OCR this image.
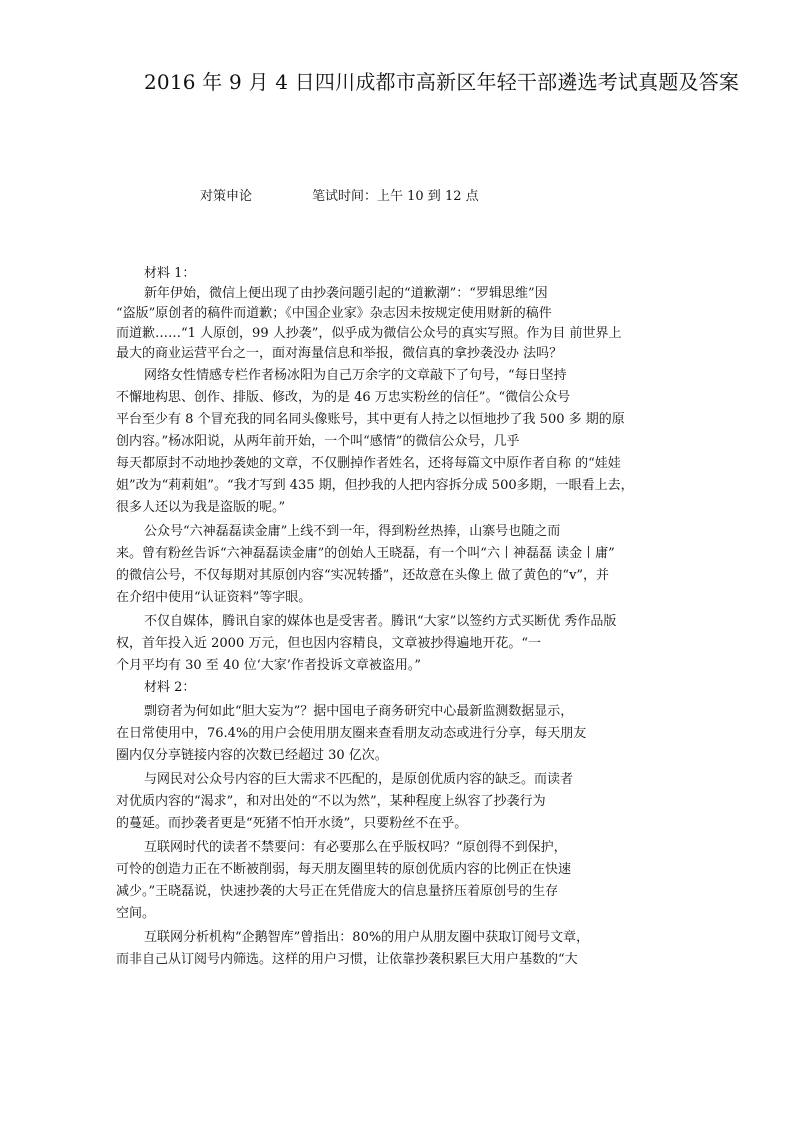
2016 年 9 月 4 日四川成都市高新区年轻干部遴选考试真题及答案
对策申论	笔试时间：上午 10 到 12 点
材料 1：
新年伊始，微信上便出现了由抄袭问题引起的“道歉潮”：“罗辑思维”因
“盗版”原创者的稿件而道歉；《中国企业家》杂志因未按规定使用财新的稿件
而道歉……“1 人原创，99 人抄袭”，似乎成为微信公众号的真实写照。作为目 前世界上
最大的商业运营平台之一，面对海量信息和举报，微信真的拿抄袭没办 法吗？
网络女性情感专栏作者杨冰阳为自己万余字的文章敲下了句号，“每日坚持
不懈地构思、创作、排版、修改，为的是 46 万忠实粉丝的信任”。“微信公众号
平台至少有 8 个冒充我的同名同头像账号，其中更有人持之以恒地抄了我 500 多 期的原
创内容。”杨冰阳说，从两年前开始，一个叫“感情”的微信公众号，几乎
每天都原封不动地抄袭她的文章，不仅删掉作者姓名，还将每篇文中原作者自称 的“娃娃
姐”改为“莉莉姐”。“我才写到 435 期，但抄我的人把内容拆分成 500多期，一眼看上去，
很多人还以为我是盗版的呢。”
公众号“六神磊磊读金庸”上线不到一年，得到粉丝热捧，山寨号也随之而
来。曾有粉丝告诉“六神磊磊读金庸”的创始人王晓磊，有一个叫“六丨神磊磊 读金丨庸”
的微信公号，不仅每期对其原创内容“实况转播”，还故意在头像上 做了黄色的“v”，并
在介绍中使用“认证资料”等字眼。
不仅自媒体，腾讯自家的媒体也是受害者。腾讯“大家”以签约方式买断优 秀作品版
权，首年投入近 2000 万元，但也因内容精良，文章被抄得遍地开花。“一
个月平均有 30 至 40 位‘大家’作者投诉文章被盗用。”
材料 2：
剽窃者为何如此“胆大妄为”？据中国电子商务研究中心最新监测数据显示，
在日常使用中，76.4%的用户会使用朋友圈来查看朋友动态或进行分享，每天朋友
圈内仅分享链接内容的次数已经超过 30 亿次。
与网民对公众号内容的巨大需求不匹配的，是原创优质内容的缺乏。而读者
对优质内容的“渴求”，和对出处的“不以为然”，某种程度上纵容了抄袭行为
的蔓延。而抄袭者更是“死猪不怕开水烫”，只要粉丝不在乎。
互联网时代的读者不禁要问：有必要那么在乎版权吗？“原创得不到保护，
可怜的创造力正在不断被削弱，每天朋友圈里转的原创优质内容的比例正在快速
减少。”王晓磊说，快速抄袭的大号正在凭借庞大的信息量挤压着原创号的生存
空间。
互联网分析机构“企鹅智库”曾指出：80%的用户从朋友圈中获取订阅号文章，
而非自己从订阅号内筛选。这样的用户习惯，让依靠抄袭积累巨大用户基数的“大
